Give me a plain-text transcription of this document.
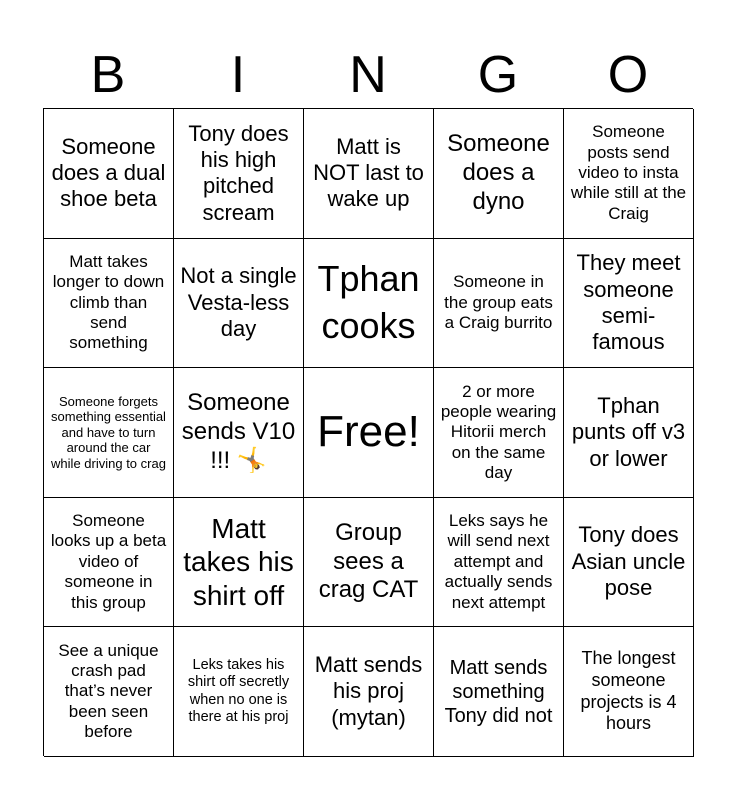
B	I	N	G	O
Someone does a dual shoe beta
Tony does his high pitched scream
Matt is NOT last to wake up
Someone does a dyno
Someone posts send video to insta while still at the Craig
Matt takes longer to down climb than send something
Not a single Vesta-less day
Tphan cooks
Someone in the group eats a Craig burrito
They meet someone semi-famous
Someone forgets something essential and have to turn around the car while driving to crag
Someone sends V10 !!! 🤸
Free!
2 or more people wearing Hitorii merch on the same day
Tphan punts off v3 or lower
Someone looks up a beta video of someone in this group
Matt takes his shirt off
Group sees a crag CAT
Leks says he will send next attempt and actually sends next attempt
Tony does Asian uncle pose
See a unique crash pad that’s never been seen before
Leks takes his shirt off secretly when no one is there at his proj
Matt sends his proj (mytan)
Matt sends something Tony did not
The longest someone projects is 4 hours
